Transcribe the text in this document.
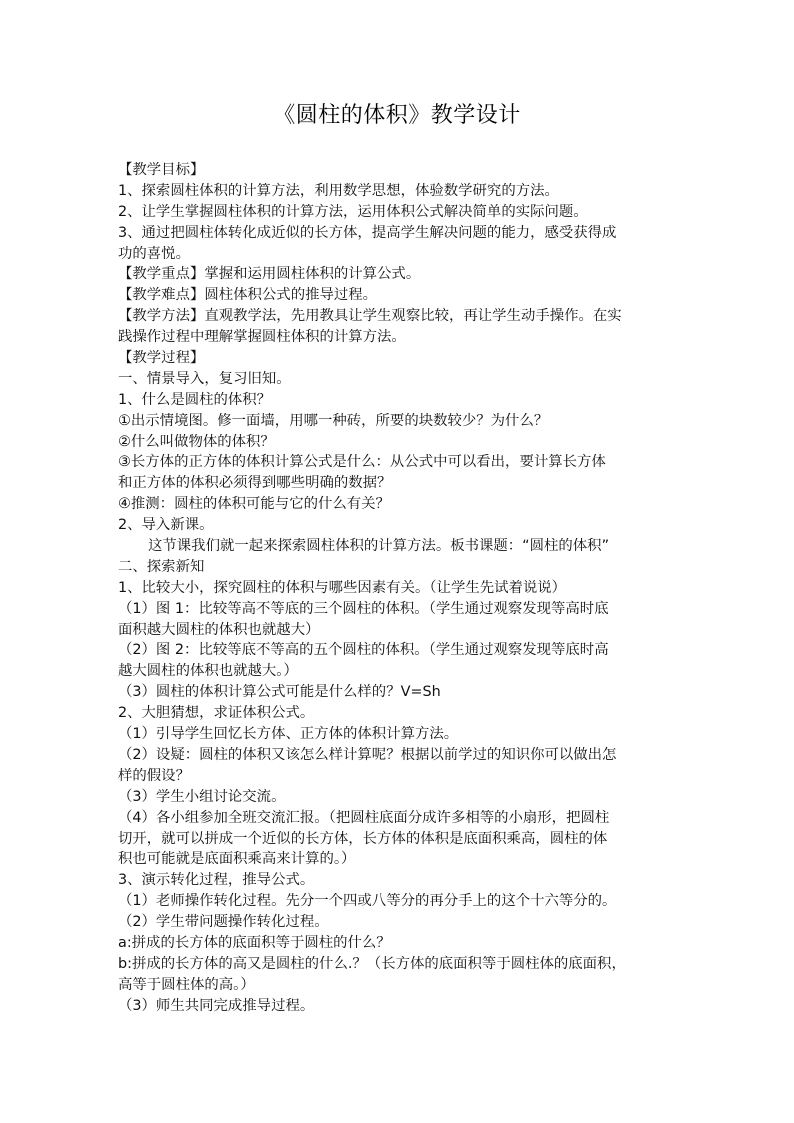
《圆柱的体积》教学设计
【教学目标】
1、探索圆柱体积的计算方法，利用数学思想，体验数学研究的方法。
2、让学生掌握圆柱体积的计算方法，运用体积公式解决简单的实际问题。
3、通过把圆柱体转化成近似的长方体，提高学生解决问题的能力，感受获得成
功的喜悦。
【教学重点】掌握和运用圆柱体积的计算公式。
【教学难点】圆柱体积公式的推导过程。
【教学方法】直观教学法，先用教具让学生观察比较，再让学生动手操作。在实
践操作过程中理解掌握圆柱体积的计算方法。
【教学过程】
一、情景导入，复习旧知。
1、什么是圆柱的体积？
①出示情境图。修一面墙，用哪一种砖，所要的块数较少？为什么？
②什么叫做物体的体积？
③长方体的正方体的体积计算公式是什么：从公式中可以看出，要计算长方体
和正方体的体积必须得到哪些明确的数据？
④推测：圆柱的体积可能与它的什么有关？
2、导入新课。
这节课我们就一起来探索圆柱体积的计算方法。板书课题：“圆柱的体积”
二、探索新知
1、比较大小，探究圆柱的体积与哪些因素有关。（让学生先试着说说）
（1）图 1：比较等高不等底的三个圆柱的体积。（学生通过观察发现等高时底
面积越大圆柱的体积也就越大）
（2）图 2：比较等底不等高的五个圆柱的体积。（学生通过观察发现等底时高
越大圆柱的体积也就越大。）
（3）圆柱的体积计算公式可能是什么样的？V=Sh
2、大胆猜想，求证体积公式。
（1）引导学生回忆长方体、正方体的体积计算方法。
（2）设疑：圆柱的体积又该怎么样计算呢？根据以前学过的知识你可以做出怎
样的假设？
（3）学生小组讨论交流。
（4）各小组参加全班交流汇报。（把圆柱底面分成许多相等的小扇形，把圆柱
切开，就可以拼成一个近似的长方体，长方体的体积是底面积乘高，圆柱的体
积也可能就是底面积乘高来计算的。）
3、演示转化过程，推导公式。
（1）老师操作转化过程。先分一个四或八等分的再分手上的这个十六等分的。
（2）学生带问题操作转化过程。
a:拼成的长方体的底面积等于圆柱的什么？
b:拼成的长方体的高又是圆柱的什么.？（长方体的底面积等于圆柱体的底面积，
高等于圆柱体的高。）
（3）师生共同完成推导过程。
